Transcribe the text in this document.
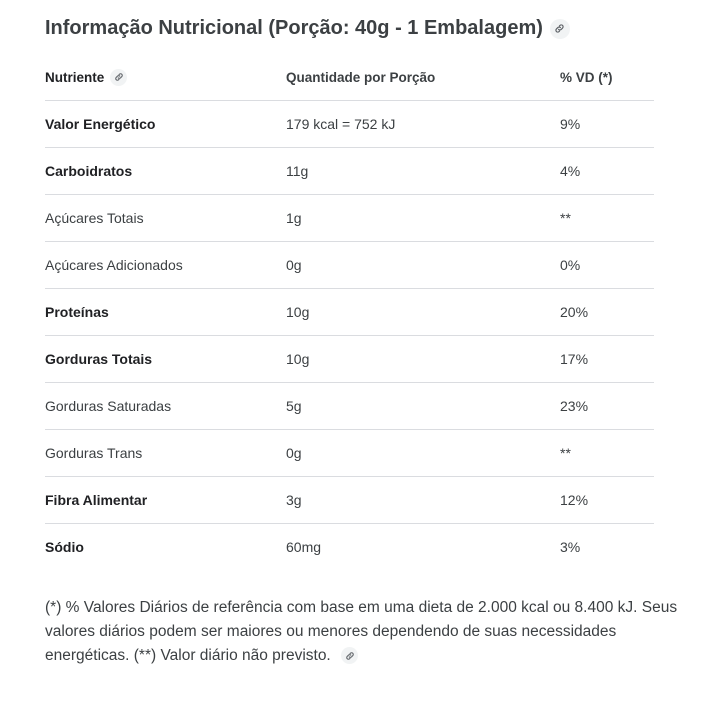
Informação Nutricional (Porção: 40g - 1 Embalagem)
Nutriente	Quantidade por Porção	% VD (*)
Valor Energético	179 kcal = 752 kJ	9%
Carboidratos	11g	4%
Açúcares Totais	1g	**
Açúcares Adicionados	0g	0%
Proteínas	10g	20%
Gorduras Totais	10g	17%
Gorduras Saturadas	5g	23%
Gorduras Trans	0g	**
Fibra Alimentar	3g	12%
Sódio	60mg	3%
(*) % Valores Diários de referência com base em uma dieta de 2.000 kcal ou 8.400 kJ. Seus valores diários podem ser maiores ou menores dependendo de suas necessidades energéticas. (**) Valor diário não previsto.
